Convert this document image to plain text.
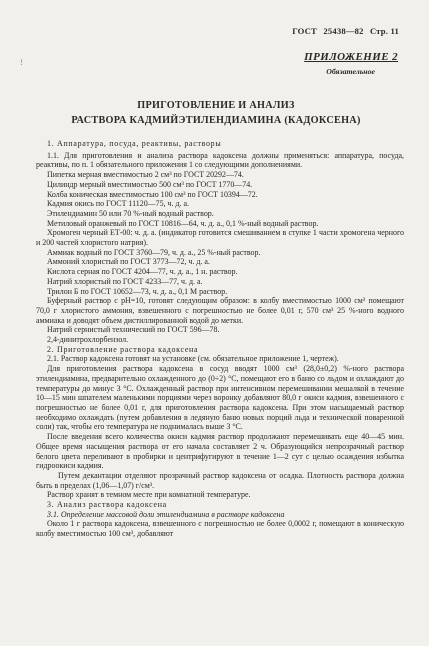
ГОСТ 25438—82 Стр. 11
!	ПРИЛОЖЕНИЕ 2
Обязательное
ПРИГОТОВЛЕНИЕ И АНАЛИЗ
РАСТВОРА КАДМИЙЭТИЛЕНДИАМИНА (КАДОКСЕНА)

1. Аппаратура, посуда, реактивы, растворы

1.1. Для приготовления и анализа раствора кадоксена должны применяться: аппаратура, посуда, реактивы, по п. 1 обязательного приложения 1 со следующими дополнениями.

Пипетка мерная вместимостью 2 см³ по ГОСТ 20292—74.

Цилиндр мерный вместимостью 500 см³ по ГОСТ 1770—74.

Колба коническая вместимостью 100 см³ по ГОСТ 10394—72.

Кадмия окись по ГОСТ 11120—75, ч. д. а.

Этилендиамин 50 или 70 %-ный водный раствор.

Метиловый оранжевый по ГОСТ 10816—64, ч. д. а., 0,1 %-ный водный раствор.

Хромоген черный ЕТ-00: ч. д. а. (индикатор готовится смешиванием в ступке 1 части хромогена черного и 200 частей хлористого натрия).

Аммиак водный по ГОСТ 3760—79, ч. д. а., 25 %-ный раствор.

Аммоний хлористый по ГОСТ 3773—72, ч. д. а.

Кислота серная по ГОСТ 4204—77, ч. д. а., 1 н. раствор.

Натрий хлористый по ГОСТ 4233—77, ч. д. а.

Трилон Б по ГОСТ 10652—73, ч. д. а., 0,1 М раствор.

Буферный раствор с рН=10, готовят следующим образом: в колбу вместимостью 1000 см³ помещают 70,0 г хлористого аммония, взвешенного с погрешностью не более 0,01 г, 570 см³ 25 %-ного водного аммиака и доводят объем дистиллированной водой до метки.

Натрий сернистый технический по ГОСТ 596—78.

2,4-динитрохлорбензол.

2. Приготовление раствора кадоксена

2.1. Раствор кадоксена готовят на установке (см. обязательное приложение 1, чертеж).

Для приготовления раствора кадоксена в сосуд вводят 1000 см³ (28,0±0,2) %-ного раствора этилендиамина, предварительно охлажденного до (0÷2) °С, помещают его в баню со льдом и охлаждают до температуры до минус 3 °С. Охлажденный раствор при интенсивном перемешивании мешалкой в течение 10—15 мин шпателем маленькими порциями через воронку добавляют 80,0 г окиси кадмия, взвешенного с погрешностью не более 0,01 г, для приготовления раствора кадоксена. При этом насыщаемый раствор необходимо охлаждать (путем добавления в ледяную баню новых порций льда и технической поваренной соли) так, чтобы его температура не поднималась выше 3 °С.

После введения всего количества окиси кадмия раствор продолжают перемешивать еще 40—45 мин. Общее время насыщения раствора от его начала составляет 2 ч. Образующийся непрозрачный раствор белого цвета переливают в пробирки и центрифугируют в течение 1—2 сут с целью осаждения избытка гидроокиси кадмия.

Путем декантации отделяют прозрачный раствор кадоксена от осадка. Плотность раствора должна быть в пределах (1,06—1,07) г/см³.

Раствор хранят в темном месте при комнатной температуре.

3. Анализ раствора кадоксена

3.1. Определение массовой доли этилендиамина в растворе кадоксена

Около 1 г раствора кадоксена, взвешенного с погрешностью не более 0,0002 г, помещают в коническую колбу вместимостью 100 см³, добавляют
